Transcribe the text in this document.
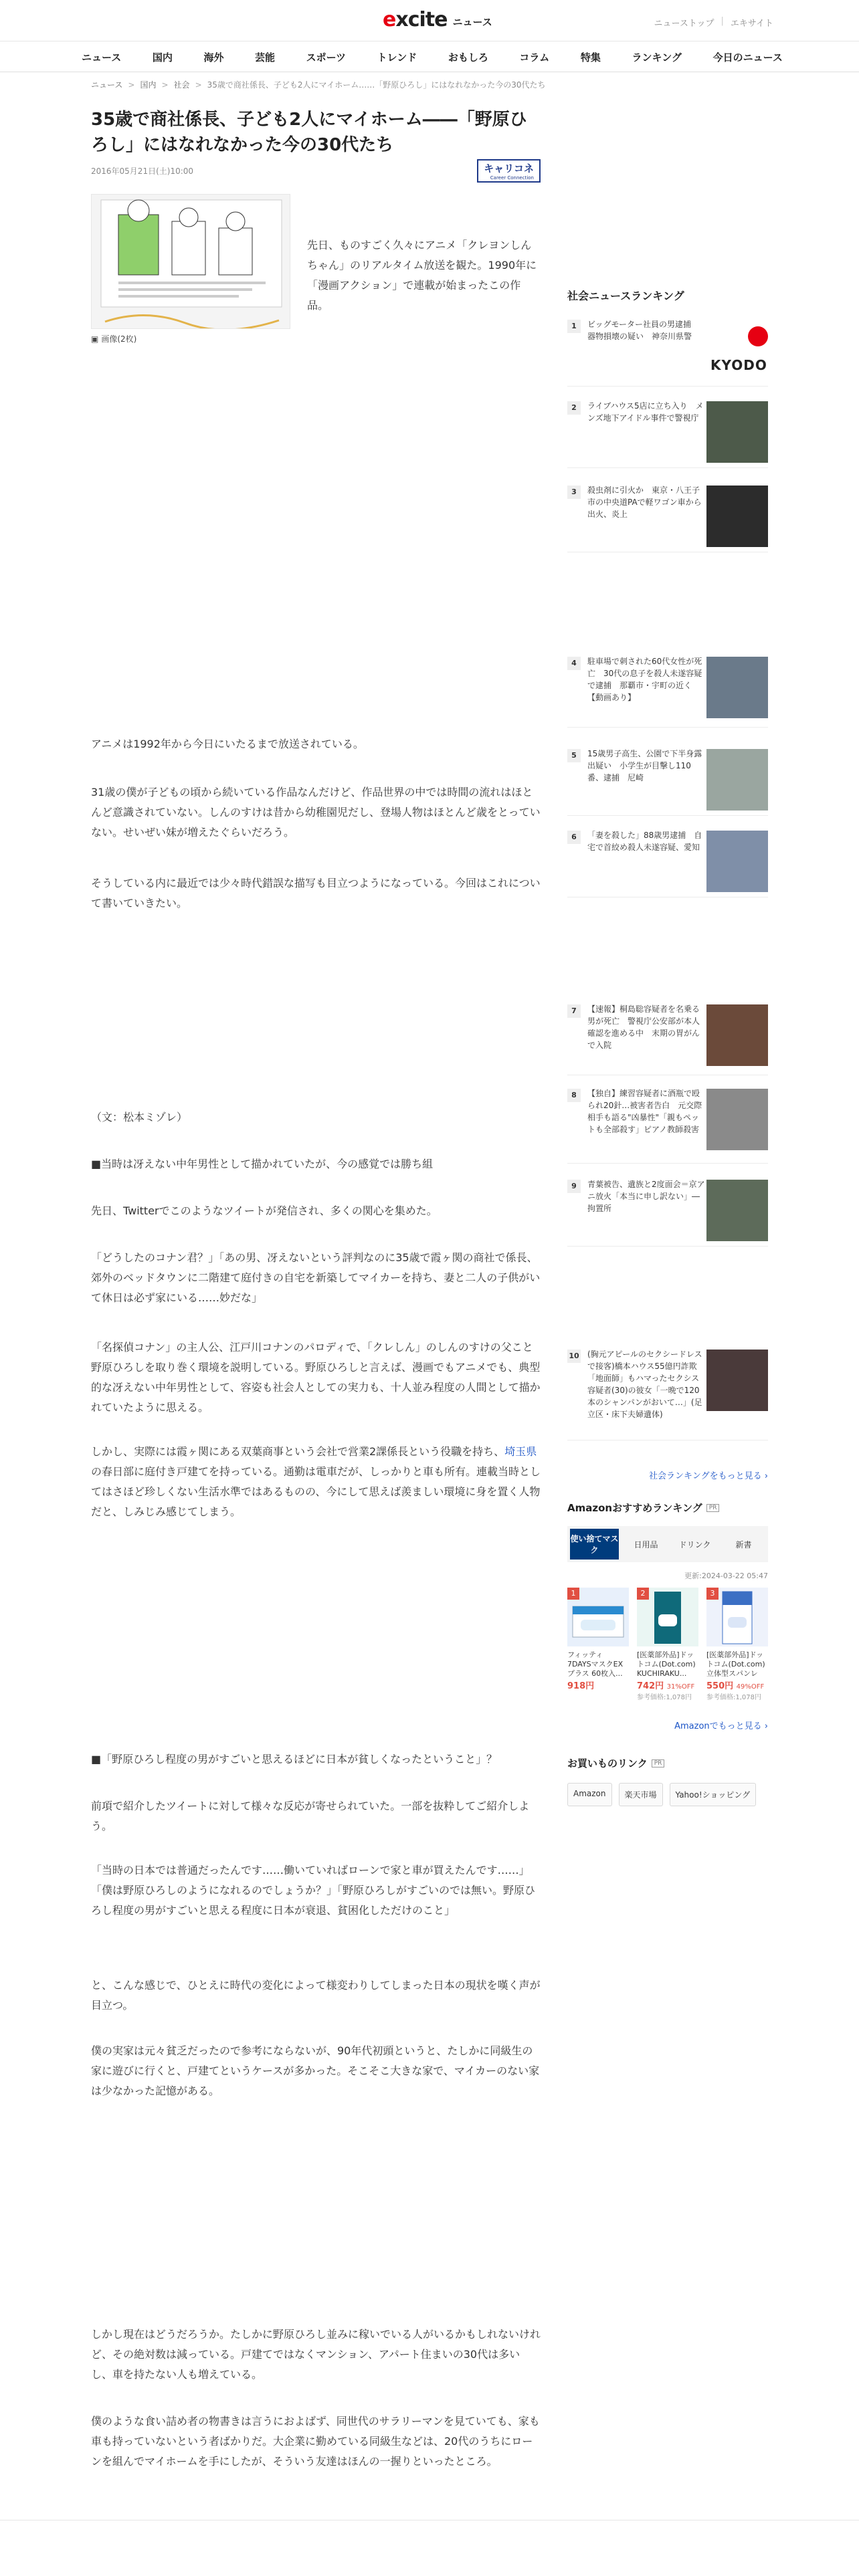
excite ニュース	ニューストップ | エキサイト
ニュース	国内	海外	芸能	スポーツ	トレンド	おもしろ	コラム	特集	ランキング	今日のニュース
ニュース > 国内 > 社会 > 35歳で商社係長、子ども2人にマイホーム……「野原ひろし」にはなれなかった今の30代たち
35歳で商社係長、子ども2人にマイホーム――「野原ひろし」にはなれなかった今の30代たち
2016年05月21日(土)10:00	キャリコネ
Career Connection
▣ 画像(2枚)

先日、ものすごく久々にアニメ「クレヨンしんちゃん」のリアルタイム放送を観た。1990年に「漫画アクション」で連載が始まったこの作品。

アニメは1992年から今日にいたるまで放送されている。

31歳の僕が子どもの頃から続いている作品なんだけど、作品世界の中では時間の流れはほとんど意識されていない。しんのすけは昔から幼稚園児だし、登場人物はほとんど歳をとっていない。せいぜい妹が増えたぐらいだろう。

そうしている内に最近では少々時代錯誤な描写も目立つようになっている。今回はこれについて書いていきたい。

（文：松本ミゾレ）

■当時は冴えない中年男性として描かれていたが、今の感覚では勝ち組

先日、Twitterでこのようなツイートが発信され、多くの関心を集めた。

「どうしたのコナン君？」「あの男、冴えないという評判なのに35歳で霞ヶ関の商社で係長、郊外のベッドタウンに二階建て庭付きの自宅を新築してマイカーを持ち、妻と二人の子供がいて休日は必ず家にいる……妙だな」

「名探偵コナン」の主人公、江戸川コナンのパロディで、「クレしん」のしんのすけの父こと野原ひろしを取り巻く環境を説明している。野原ひろしと言えば、漫画でもアニメでも、典型的な冴えない中年男性として、容姿も社会人としての実力も、十人並み程度の人間として描かれていたように思える。

しかし、実際には霞ヶ関にある双葉商事という会社で営業2課係長という役職を持ち、埼玉県の春日部に庭付き戸建てを持っている。通勤は電車だが、しっかりと車も所有。連載当時としてはさほど珍しくない生活水準ではあるものの、今にして思えば羨ましい環境に身を置く人物だと、しみじみ感じてしまう。

■「野原ひろし程度の男がすごいと思えるほどに日本が貧しくなったということ」？

前項で紹介したツイートに対して様々な反応が寄せられていた。一部を抜粋してご紹介しよう。

「当時の日本では普通だったんです……働いていればローンで家と車が買えたんです……」
「僕は野原ひろしのようになれるのでしょうか？」「野原ひろしがすごいのでは無い。野原ひろし程度の男がすごいと思える程度に日本が衰退、貧困化しただけのこと」

と、こんな感じで、ひとえに時代の変化によって様変わりしてしまった日本の現状を嘆く声が目立つ。

僕の実家は元々貧乏だったので参考にならないが、90年代初頭というと、たしかに同級生の家に遊びに行くと、戸建てというケースが多かった。そこそこ大きな家で、マイカーのない家は少なかった記憶がある。

しかし現在はどうだろうか。たしかに野原ひろし並みに稼いでいる人がいるかもしれないけれど、その絶対数は減っている。戸建てではなくマンション、アパート住まいの30代は多いし、車を持たない人も増えている。

僕のような食い詰め者の物書きは言うにおよばず、同世代のサラリーマンを見ていても、家も車も持っていないという者ばかりだ。大企業に勤めている同級生などは、20代のうちにローンを組んでマイホームを手にしたが、そういう友達はほんの一握りといったところ。

社会ニュースランキング
1	ビッグモーター社員の男逮捕　器物損壊の疑い　神奈川県警
KYODO
2	ライブハウス5店に立ち入り　メンズ地下アイドル事件で警視庁
3	殺虫剤に引火か　東京・八王子市の中央道PAで軽ワゴン車から出火、炎上
4	駐車場で刺された60代女性が死亡　30代の息子を殺人未遂容疑で逮捕　那覇市・宇町の近く【動画あり】
5	15歳男子高生、公園で下半身露出疑い　小学生が目撃し110番、逮捕　尼崎
6	「妻を殺した」88歳男逮捕　自宅で首絞め殺人未遂容疑、愛知
7	【速報】桐島聡容疑者を名乗る男が死亡　警視庁公安部が本人確認を進める中　末期の胃がんで入院
8	【独自】練習容疑者に酒瓶で殴られ20針…被害者告白　元交際相手も語る"凶暴性"「親もペットも全部殺す」ピアノ教師殺害
9	青葉被告、遺族と2度面会＝京アニ放火「本当に申し訳ない」―拘置所
10 (胸元アピールのセクシードレスで接客)橋本ハウス55億円詐欺「地面師」もハマったセクシス容疑者(30)の彼女「一晩で120本のシャンパンがおいて…」(足立区・床下夫婦遺体)
社会ランキングをもっと見る ›
Amazonおすすめランキング	PR
使い捨てマスク
日用品	ドリンク	新書
更新:2024-03-22 05:47
1
フィッティ 7DAYSマスクEXプラス 60枚入...
918円
2
[医薬部外品]ドットコム(Dot.com) KUCHIRAKU...
742円 31%OFF
参考価格:1,078円
3
[医薬部外品]ドットコム(Dot.com) 立体型スパンレ
550円 49%OFF
参考価格:1,078円
Amazonでもっと見る ›
お買いものリンク	PR
Amazon	楽天市場	Yahoo!ショッピング
